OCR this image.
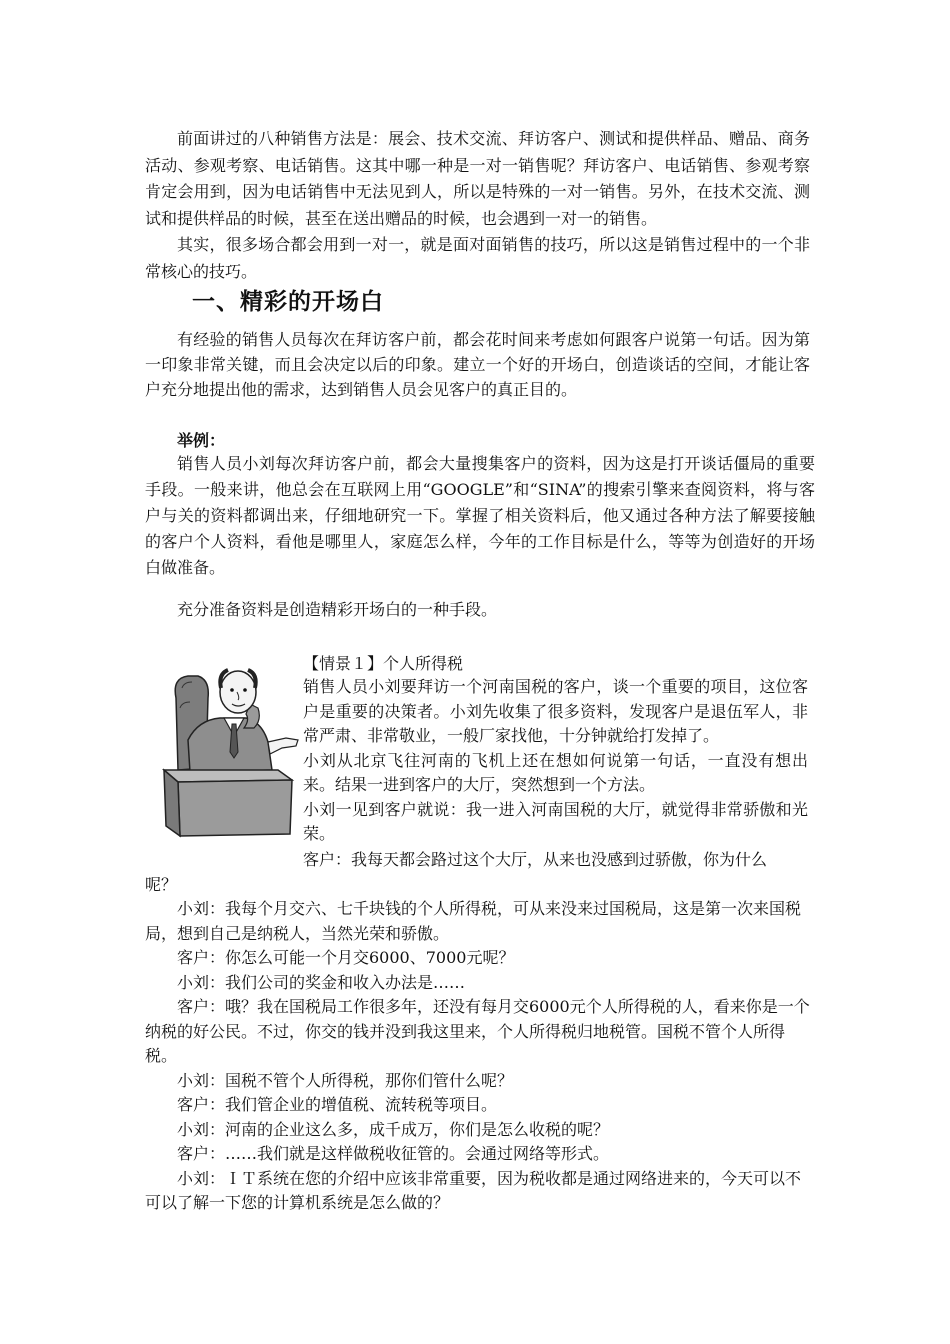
前面讲过的八种销售方法是：展会、技术交流、拜访客户、测试和提供样品、赠品、商务活动、参观考察、电话销售。这其中哪一种是一对一销售呢？拜访客户、电话销售、参观考察肯定会用到，因为电话销售中无法见到人，所以是特殊的一对一销售。另外，在技术交流、测试和提供样品的时候，甚至在送出赠品的时候，也会遇到一对一的销售。

其实，很多场合都会用到一对一，就是面对面销售的技巧，所以这是销售过程中的一个非常核心的技巧。

一、精彩的开场白

有经验的销售人员每次在拜访客户前，都会花时间来考虑如何跟客户说第一句话。因为第一印象非常关键，而且会决定以后的印象。建立一个好的开场白，创造谈话的空间，才能让客户充分地提出他的需求，达到销售人员会见客户的真正目的。

举例：

销售人员小刘每次拜访客户前，都会大量搜集客户的资料，因为这是打开谈话僵局的重要手段。一般来讲，他总会在互联网上用“GOOGLE”和“SINA”的搜索引擎来查阅资料，将与客户与关的资料都调出来，仔细地研究一下。掌握了相关资料后，他又通过各种方法了解要接触的客户个人资料，看他是哪里人，家庭怎么样，今年的工作目标是什么，等等为创造好的开场白做准备。

充分准备资料是创造精彩开场白的一种手段。

【情景１】个人所得税

销售人员小刘要拜访一个河南国税的客户，谈一个重要的项目，这位客户是重要的决策者。小刘先收集了很多资料，发现客户是退伍军人，非常严肃、非常敬业，一般厂家找他，十分钟就给打发掉了。

小刘从北京飞往河南的飞机上还在想如何说第一句话，一直没有想出来。结果一进到客户的大厅，突然想到一个方法。

小刘一见到客户就说：我一进入河南国税的大厅，就觉得非常骄傲和光荣。

客户：我每天都会路过这个大厅，从来也没感到过骄傲，你为什么

呢？

小刘：我每个月交六、七千块钱的个人所得税，可从来没来过国税局，这是第一次来国税局，想到自己是纳税人，当然光荣和骄傲。

客户：你怎么可能一个月交6000、7000元呢？

小刘：我们公司的奖金和收入办法是……

客户：哦？我在国税局工作很多年，还没有每月交6000元个人所得税的人，看来你是一个纳税的好公民。不过，你交的钱并没到我这里来，个人所得税归地税管。国税不管个人所得税。

小刘：国税不管个人所得税，那你们管什么呢？

客户：我们管企业的增值税、流转税等项目。

小刘：河南的企业这么多，成千成万，你们是怎么收税的呢？

客户：……我们就是这样做税收征管的。会通过网络等形式。

小刘：ＩＴ系统在您的介绍中应该非常重要，因为税收都是通过网络进来的，今天可以不可以了解一下您的计算机系统是怎么做的？
